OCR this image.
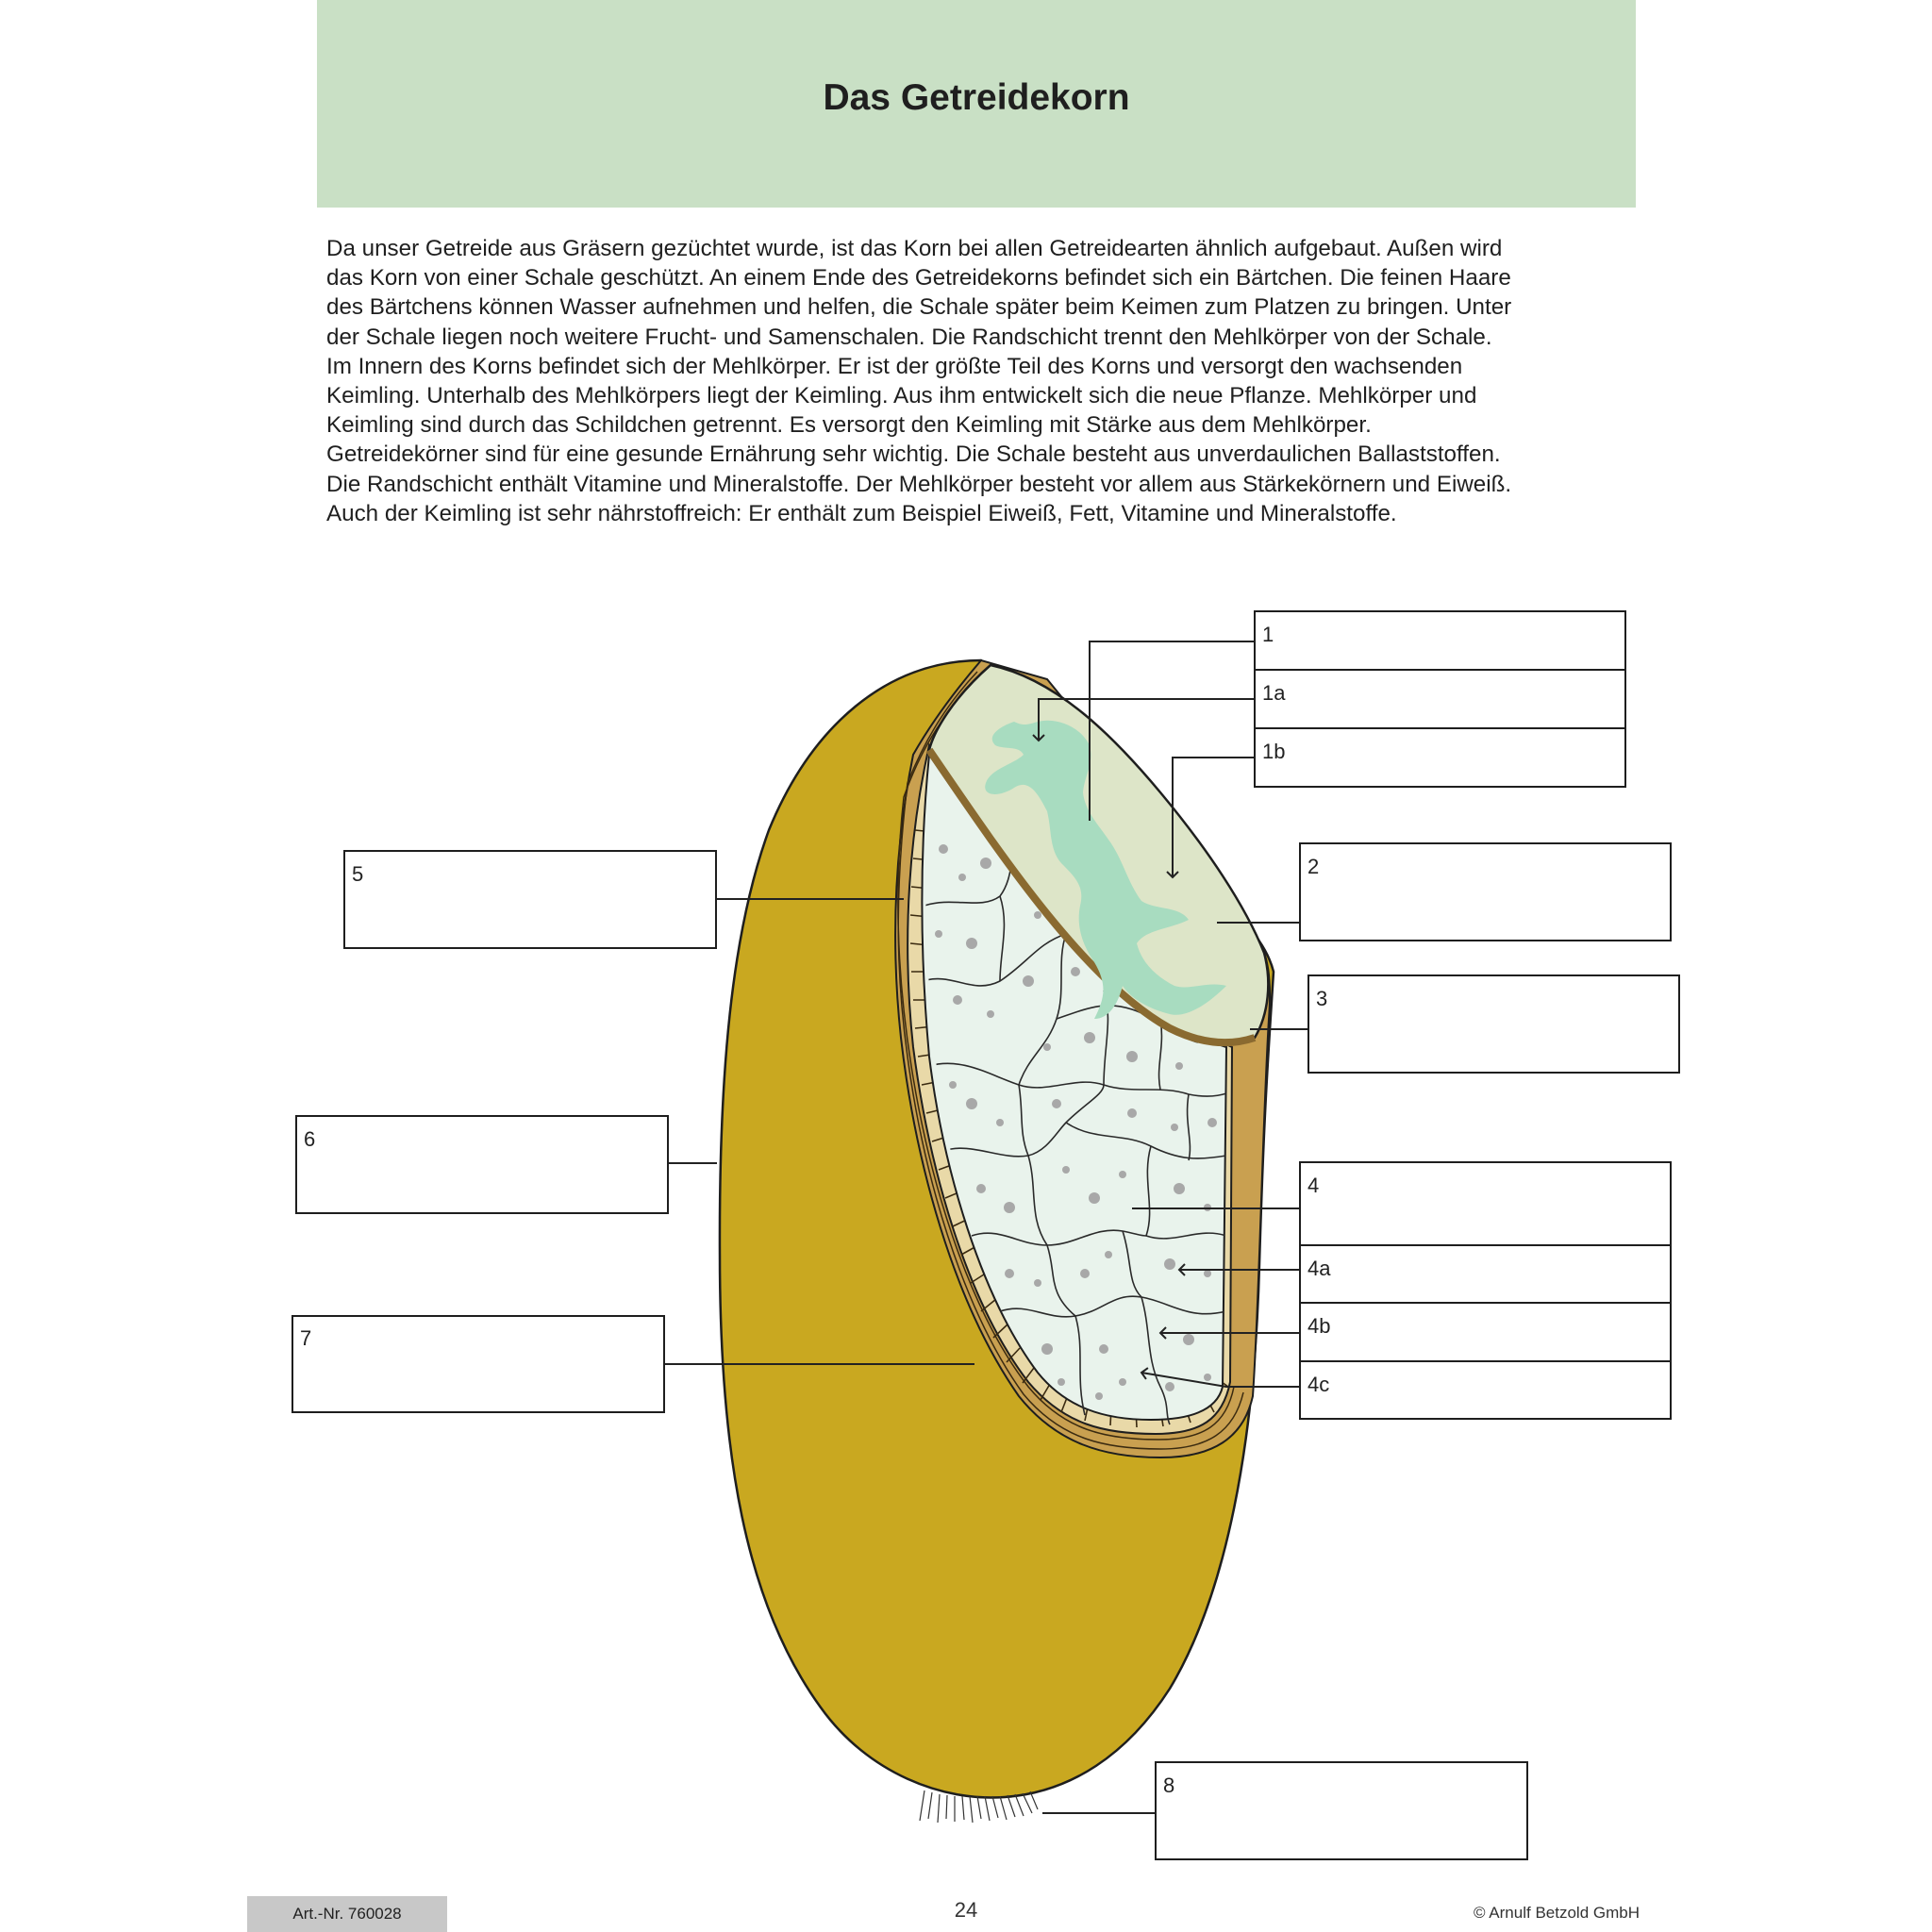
Das Getreidekorn
Da unser Getreide aus Gräsern gezüchtet wurde, ist das Korn bei allen Getreidearten ähnlich aufgebaut. Außen wird
das Korn von einer Schale geschützt. An einem Ende des Getreidekorns befindet sich ein Bärtchen. Die feinen Haare
des Bärtchens können Wasser aufnehmen und helfen, die Schale später beim Keimen zum Platzen zu bringen. Unter
der Schale liegen noch weitere Frucht- und Samenschalen. Die Randschicht trennt den Mehlkörper von der Schale.
Im Innern des Korns befindet sich der Mehlkörper. Er ist der größte Teil des Korns und versorgt den wachsenden
Keimling. Unterhalb des Mehlkörpers liegt der Keimling. Aus ihm entwickelt sich die neue Pflanze. Mehlkörper und
Keimling sind durch das Schildchen getrennt. Es versorgt den Keimling mit Stärke aus dem Mehlkörper.
Getreidekörner sind für eine gesunde Ernährung sehr wichtig. Die Schale besteht aus unverdaulichen Ballaststoffen.
Die Randschicht enthält Vitamine und Mineralstoffe. Der Mehlkörper besteht vor allem aus Stärkekörnern und Eiweiß.
Auch der Keimling ist sehr nährstoffreich: Er enthält zum Beispiel Eiweiß, Fett, Vitamine und Mineralstoffe.
1
1a
1b
2
3
4
4a
4b
4c
5
6
7
8
Art.-Nr. 760028	24	© Arnulf Betzold GmbH
